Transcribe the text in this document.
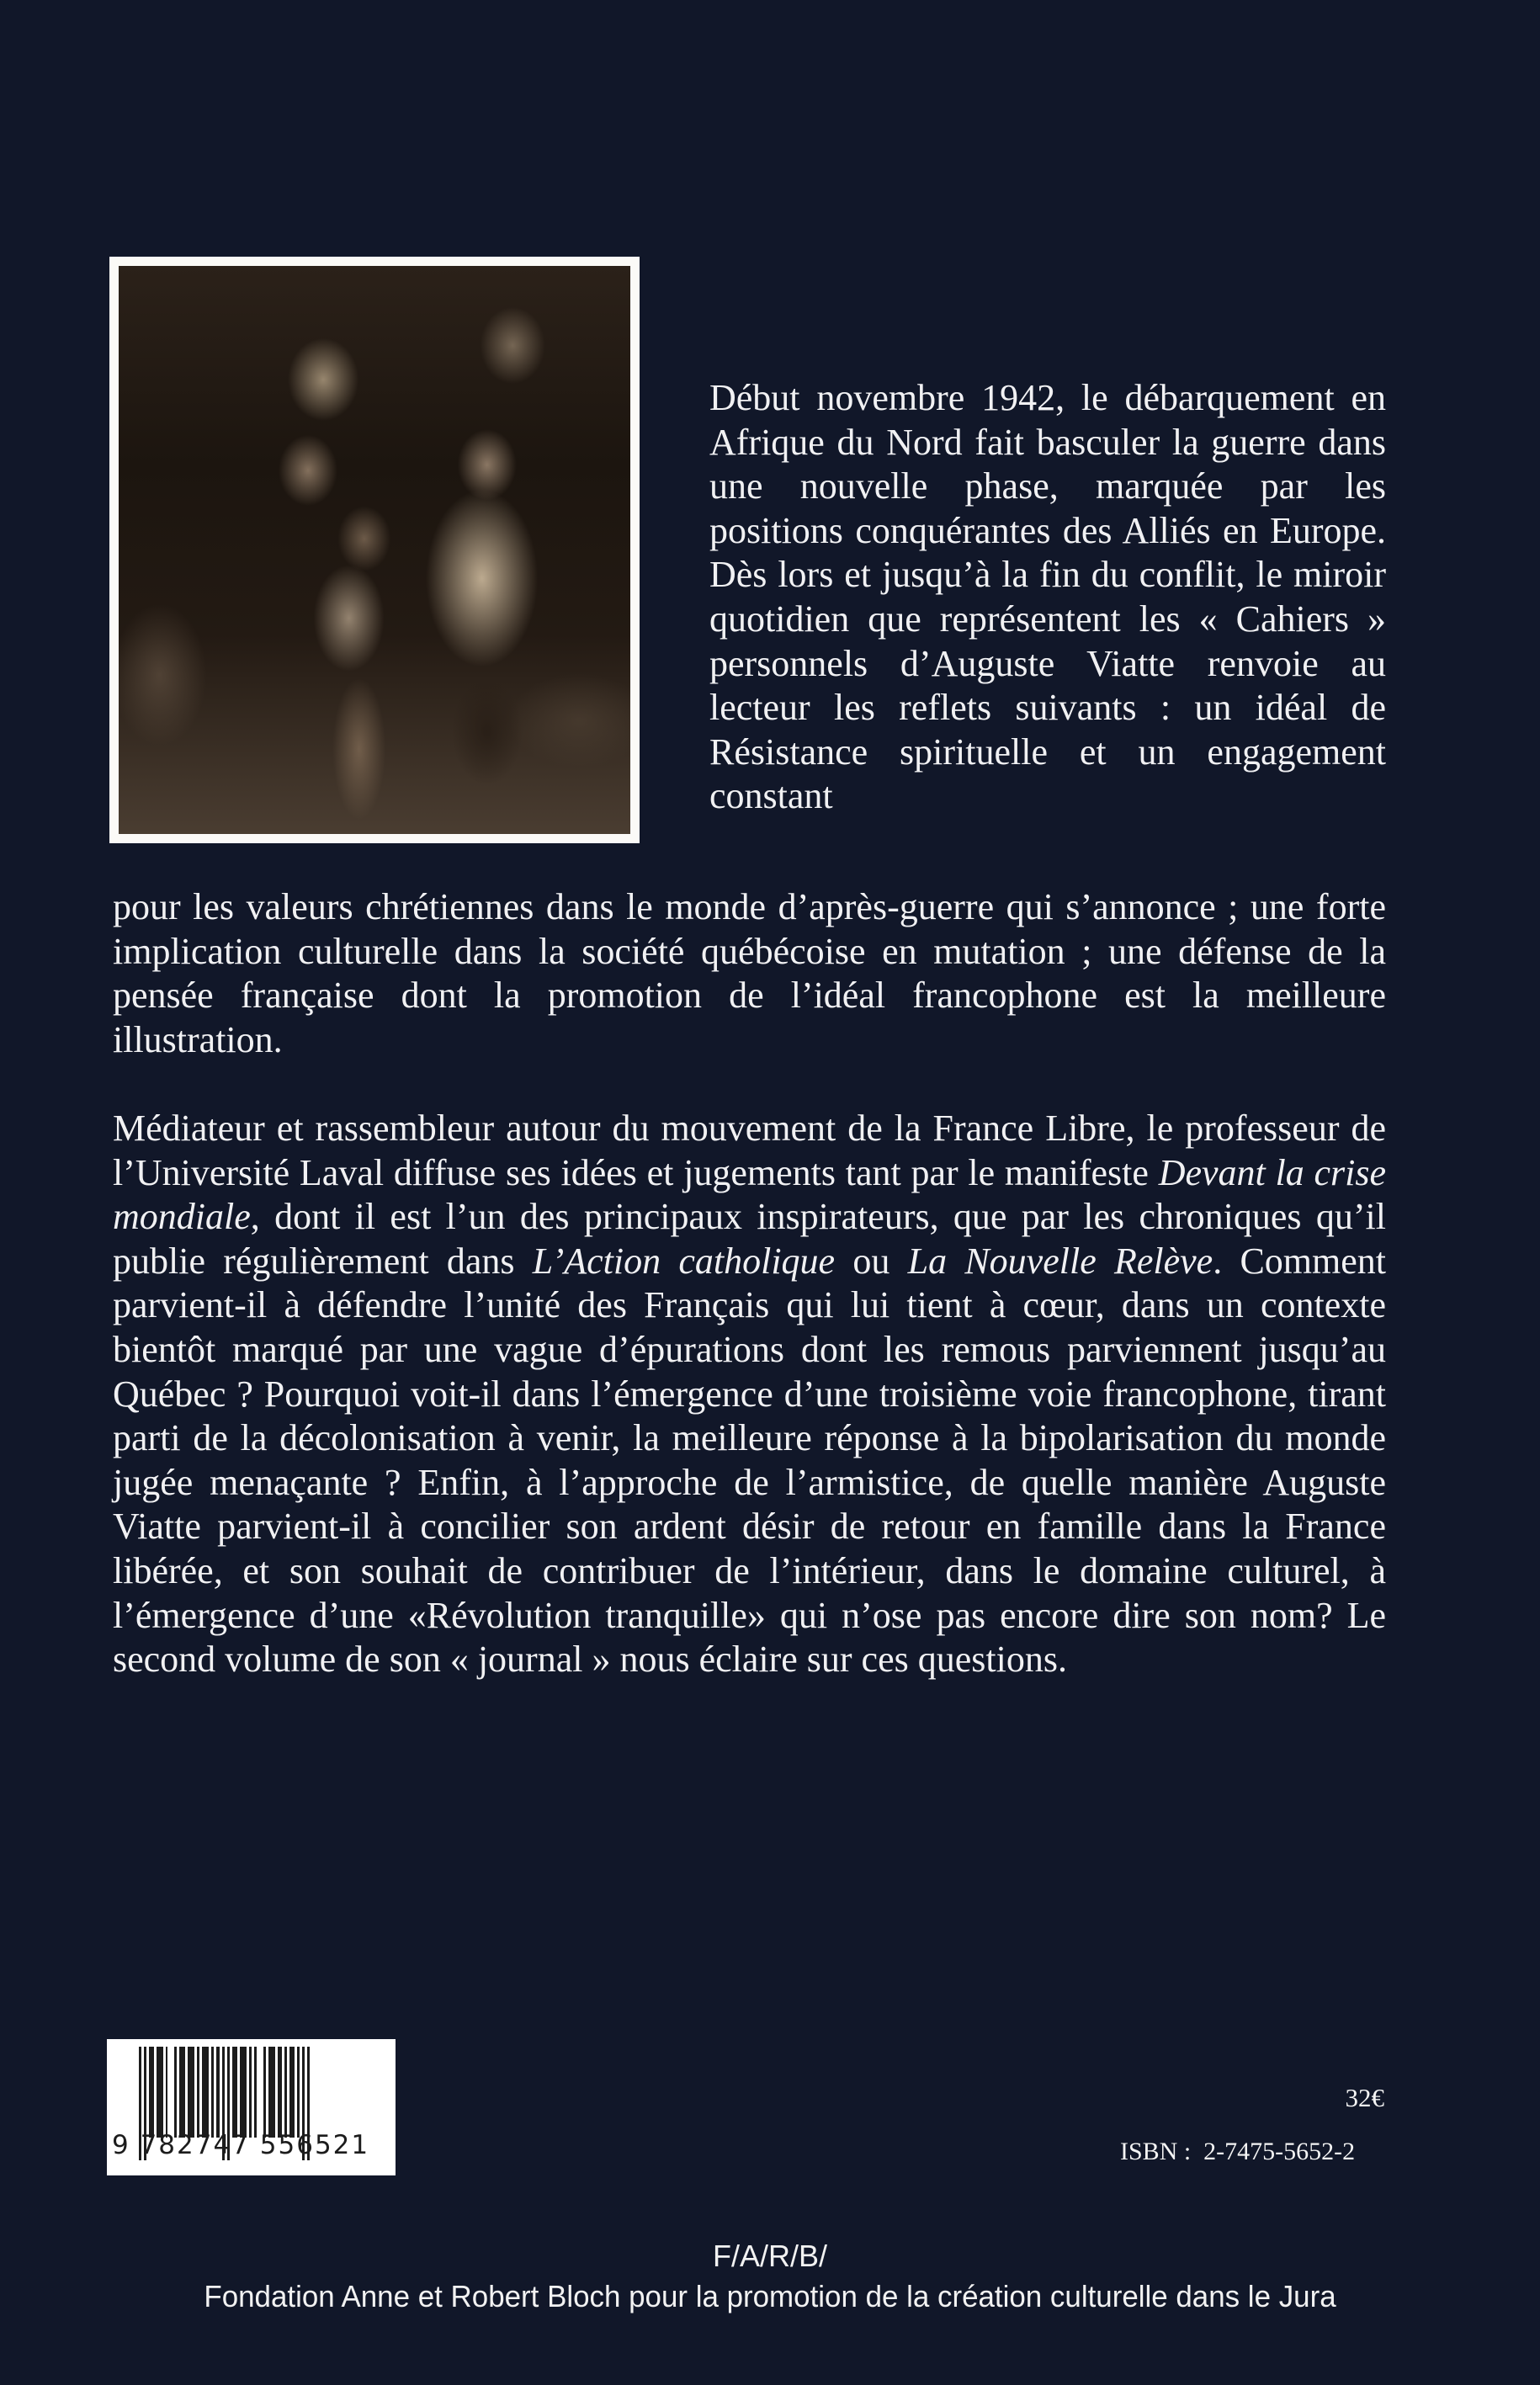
Début novembre 1942, le débarquement en Afrique du Nord fait basculer la guerre dans une nouvelle phase, marquée par les positions conquérantes des Alliés en Europe. Dès lors et jusqu’à la fin du conflit, le miroir quotidien que représentent les « Cahiers » personnels d’Auguste Viatte renvoie au lecteur les reflets suivants : un idéal de Résistance spirituelle et un engagement constant

pour les valeurs chrétiennes dans le monde d’après-guerre qui s’annonce ; une forte implication culturelle dans la société québécoise en mutation ; une défense de la pensée française dont la promotion de l’idéal francophone est la meilleure illustration.

Médiateur et rassembleur autour du mouvement de la France Libre, le professeur de l’Université Laval diffuse ses idées et jugements tant par le manifeste Devant la crise mondiale, dont il est l’un des principaux inspirateurs, que par les chroniques qu’il publie régulièrement dans L’Action catholique ou La Nouvelle Relève. Comment parvient-il à défendre l’unité des Français qui lui tient à cœur, dans un contexte bientôt marqué par une vague d’épurations dont les remous parviennent jusqu’au Québec ? Pourquoi voit-il dans l’émergence d’une troisième voie francophone, tirant parti de la décolonisation à venir, la meilleure réponse à la bipolarisation du monde jugée menaçante ? Enfin, à l’approche de l’armistice, de quelle manière Auguste Viatte parvient-il à concilier son ardent désir de retour en famille dans la France libérée, et son souhait de contribuer de l’intérieur, dans le domaine culturel, à l’émergence d’une «Révolution tranquille» qui n’ose pas encore dire son nom? Le second volume de son « journal » nous éclaire sur ces questions.

9 782747 556521
32€
ISBN :  2-7475-5652-2
F/A/R/B/
Fondation Anne et Robert Bloch pour la promotion de la création culturelle dans le Jura
